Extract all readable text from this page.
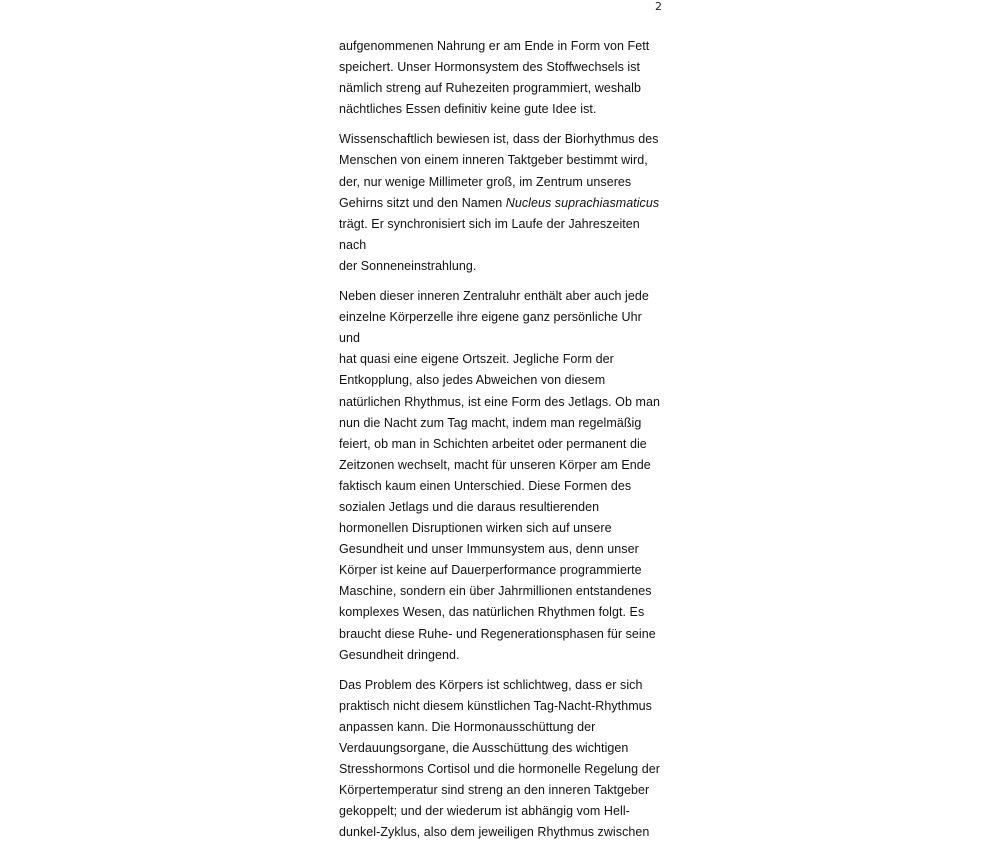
2

aufgenommenen Nahrung er am Ende in Form von Fett
speichert. Unser Hormonsystem des Stoffwechsels ist
nämlich streng auf Ruhezeiten programmiert, weshalb
nächtliches Essen definitiv keine gute Idee ist.

Wissenschaftlich bewiesen ist, dass der Biorhythmus des
Menschen von einem inneren Taktgeber bestimmt wird,
der, nur wenige Millimeter groß, im Zentrum unseres
Gehirns sitzt und den Namen Nucleus suprachiasmaticus
trägt. Er synchronisiert sich im Laufe der Jahreszeiten nach
der Sonneneinstrahlung.

Neben dieser inneren Zentraluhr enthält aber auch jede
einzelne Körperzelle ihre eigene ganz persönliche Uhr und
hat quasi eine eigene Ortszeit. Jegliche Form der
Entkopplung, also jedes Abweichen von diesem
natürlichen Rhythmus, ist eine Form des Jetlags. Ob man
nun die Nacht zum Tag macht, indem man regelmäßig
feiert, ob man in Schichten arbeitet oder permanent die
Zeitzonen wechselt, macht für unseren Körper am Ende
faktisch kaum einen Unterschied. Diese Formen des
sozialen Jetlags und die daraus resultierenden
hormonellen Disruptionen wirken sich auf unsere
Gesundheit und unser Immunsystem aus, denn unser
Körper ist keine auf Dauerperformance programmierte
Maschine, sondern ein über Jahrmillionen entstandenes
komplexes Wesen, das natürlichen Rhythmen folgt. Es
braucht diese Ruhe- und Regenerationsphasen für seine
Gesundheit dringend.

Das Problem des Körpers ist schlichtweg, dass er sich
praktisch nicht diesem künstlichen Tag-Nacht-Rhythmus
anpassen kann. Die Hormonausschüttung der
Verdauungsorgane, die Ausschüttung des wichtigen
Stresshormons Cortisol und die hormonelle Regelung der
Körpertemperatur sind streng an den inneren Taktgeber
gekoppelt; und der wiederum ist abhängig vom Hell-
dunkel-Zyklus, also dem jeweiligen Rhythmus zwischen
